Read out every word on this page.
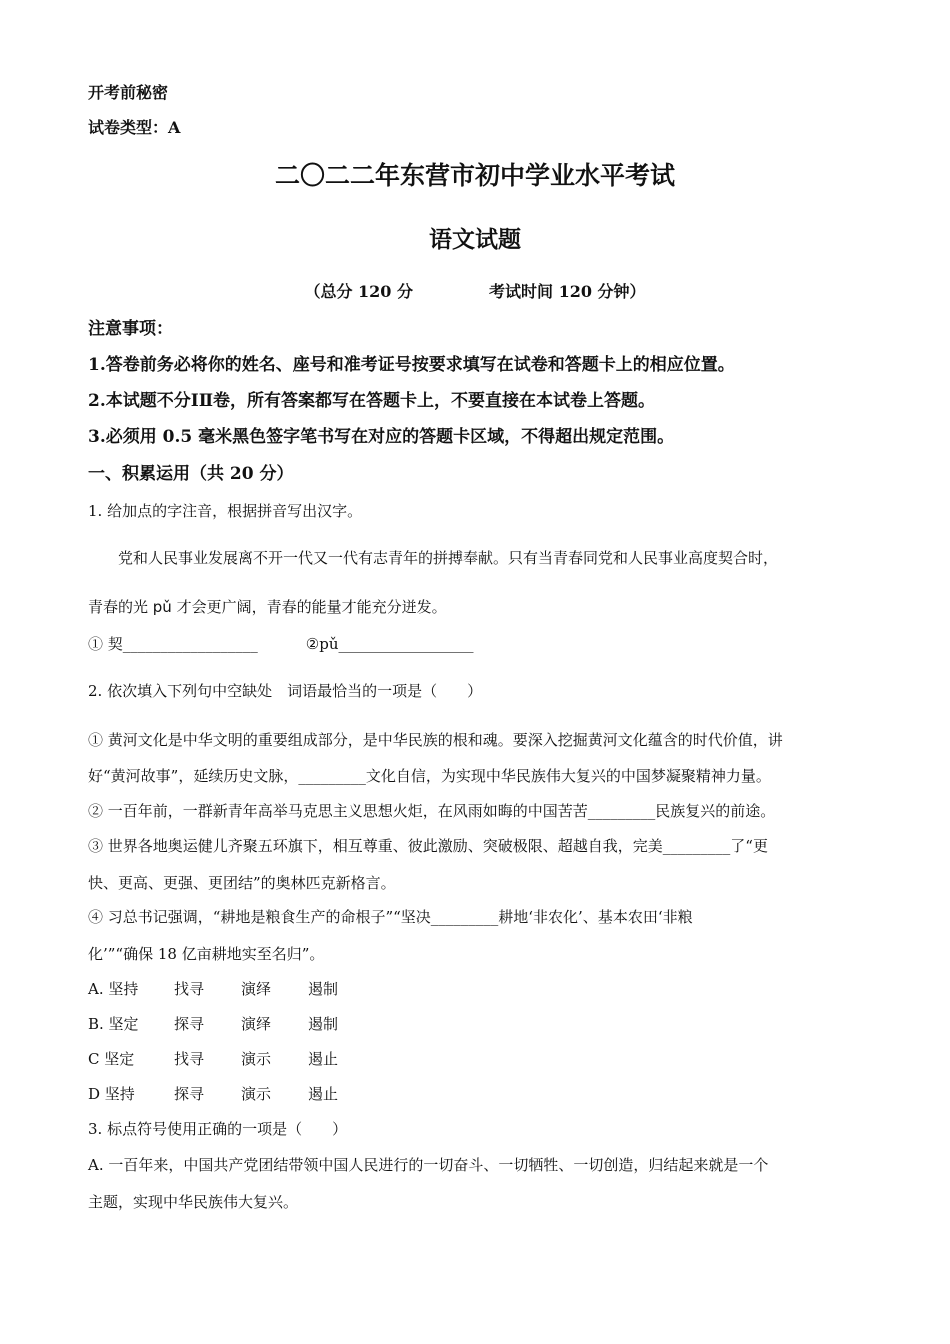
开考前秘密
试卷类型：A
二〇二二年东营市初中学业水平考试
语文试题
（总分 120 分	考试时间 120 分钟）
注意事项：
1.答卷前务必将你的姓名、座号和准考证号按要求填写在试卷和答题卡上的相应位置。
2.本试题不分ⅠⅡ卷，所有答案都写在答题卡上，不要直接在本试卷上答题。
3.必须用 0.5 毫米黑色签字笔书写在对应的答题卡区域，不得超出规定范围。
一、积累运用（共 20 分）
1. 给加点的字注音，根据拼音写出汉字。
党和人民事业发展离不开一代又一代有志青年的拼搏奉献。只有当青春同党和人民事业高度契合时，
青春的光 pǔ 才会更广阔，青春的能量才能充分迸发。
① 契__________________	②pǔ__________________
2. 依次填入下列句中空缺处　词语最恰当的一项是（　　）
① 黄河文化是中华文明的重要组成部分，是中华民族的根和魂。要深入挖掘黄河文化蕴含的时代价值，讲
好“黄河故事”，延续历史文脉，_________文化自信，为实现中华民族伟大复兴的中国梦凝聚精神力量。
② 一百年前，一群新青年高举马克思主义思想火炬，在风雨如晦的中国苦苦_________民族复兴的前途。
③ 世界各地奥运健儿齐聚五环旗下，相互尊重、彼此激励、突破极限、超越自我，完美_________了“更
快、更高、更强、更团结”的奥林匹克新格言。
④ 习总书记强调，“耕地是粮食生产的命根子”“坚决_________耕地‘非农化’、基本农田‘非粮
化’”“确保 18 亿亩耕地实至名归”。
A. 坚持 找寻 演绎 遏制
B. 坚定 探寻 演绎 遏制
C 坚定	找寻 演示 遏止
D 坚持	探寻 演示 遏止
3. 标点符号使用正确的一项是（　　）
A. 一百年来，中国共产党团结带领中国人民进行的一切奋斗、一切牺牲、一切创造，归结起来就是一个
主题，实现中华民族伟大复兴。
